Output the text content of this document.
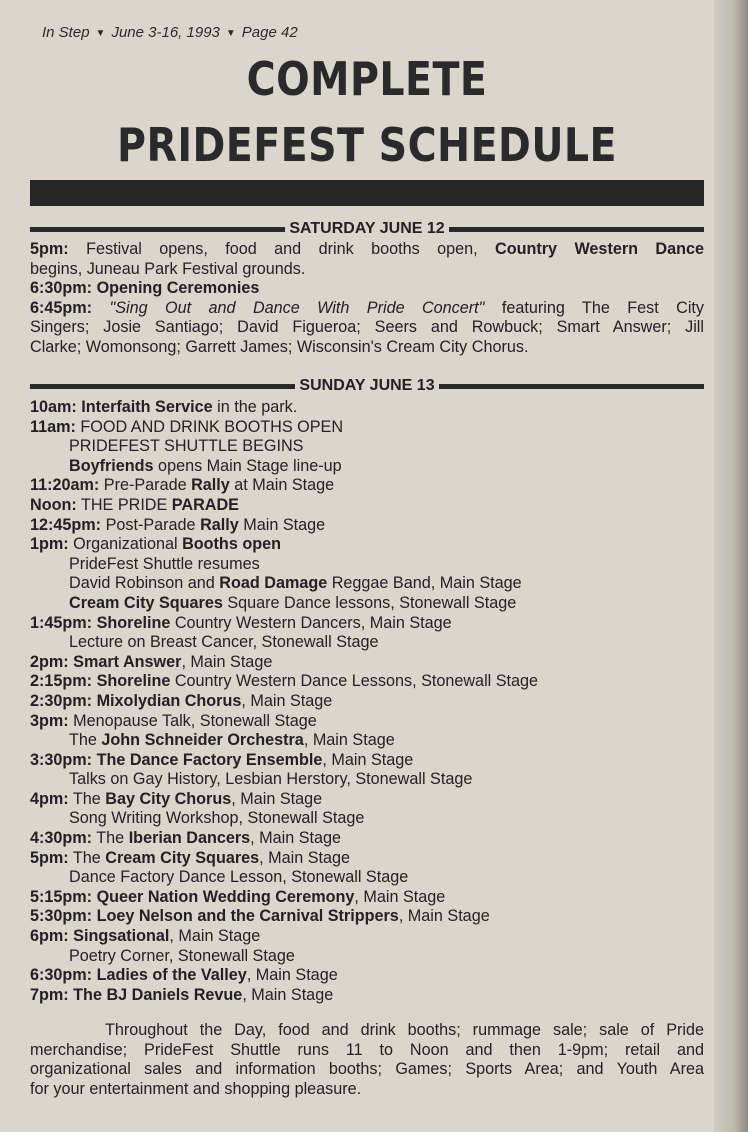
In Step ▼ June 3-16, 1993 ▼ Page 42
COMPLETE
PRIDEFEST SCHEDULE
SATURDAY JUNE 12
5pm: Festival opens, food and drink booths open, Country Western Dance
begins, Juneau Park Festival grounds.
6:30pm: Opening Ceremonies
6:45pm: "Sing Out and Dance With Pride Concert" featuring The Fest City
Singers; Josie Santiago; David Figueroa; Seers and Rowbuck; Smart Answer; Jill
Clarke; Womonsong; Garrett James; Wisconsin's Cream City Chorus.
SUNDAY JUNE 13
10am: Interfaith Service in the park.
11am: FOOD AND DRINK BOOTHS OPEN
PRIDEFEST SHUTTLE BEGINS
Boyfriends opens Main Stage line-up
11:20am: Pre-Parade Rally at Main Stage
Noon: THE PRIDE PARADE
12:45pm: Post-Parade Rally Main Stage
1pm: Organizational Booths open
PrideFest Shuttle resumes
David Robinson and Road Damage Reggae Band, Main Stage
Cream City Squares Square Dance lessons, Stonewall Stage
1:45pm: Shoreline Country Western Dancers, Main Stage
Lecture on Breast Cancer, Stonewall Stage
2pm: Smart Answer, Main Stage
2:15pm: Shoreline Country Western Dance Lessons, Stonewall Stage
2:30pm: Mixolydian Chorus, Main Stage
3pm: Menopause Talk, Stonewall Stage
The John Schneider Orchestra, Main Stage
3:30pm: The Dance Factory Ensemble, Main Stage
Talks on Gay History, Lesbian Herstory, Stonewall Stage
4pm: The Bay City Chorus, Main Stage
Song Writing Workshop, Stonewall Stage
4:30pm: The Iberian Dancers, Main Stage
5pm: The Cream City Squares, Main Stage
Dance Factory Dance Lesson, Stonewall Stage
5:15pm: Queer Nation Wedding Ceremony, Main Stage
5:30pm: Loey Nelson and the Carnival Strippers, Main Stage
6pm: Singsational, Main Stage
Poetry Corner, Stonewall Stage
6:30pm: Ladies of the Valley, Main Stage
7pm: The BJ Daniels Revue, Main Stage
Throughout the Day, food and drink booths; rummage sale; sale of Pride
merchandise; PrideFest Shuttle runs 11 to Noon and then 1-9pm; retail and
organizational sales and information booths; Games; Sports Area; and Youth Area
for your entertainment and shopping pleasure.
